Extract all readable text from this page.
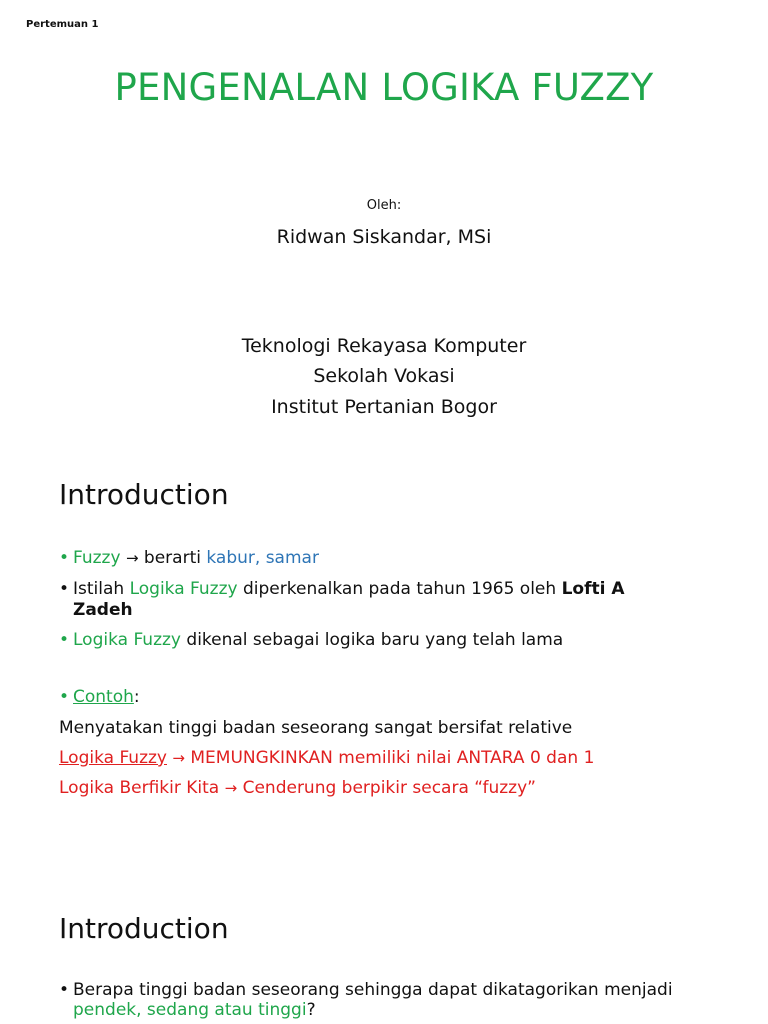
Pertemuan 1
PENGENALAN LOGIKA FUZZY
Oleh:
Ridwan Siskandar, MSi
Teknologi Rekayasa Komputer
Sekolah Vokasi
Institut Pertanian Bogor
Introduction
• Fuzzy → berarti kabur, samar
• Istilah Logika Fuzzy diperkenalkan pada tahun 1965 oleh Lofti A
Zadeh
• Logika Fuzzy dikenal sebagai logika baru yang telah lama
• Contoh:
Menyatakan tinggi badan seseorang sangat bersifat relative
Logika Fuzzy → MEMUNGKINKAN memiliki nilai ANTARA 0 dan 1
Logika Berfikir Kita → Cenderung berpikir secara “fuzzy”
Introduction
• Berapa tinggi badan seseorang sehingga dapat dikatagorikan menjadi
pendek, sedang atau tinggi?
